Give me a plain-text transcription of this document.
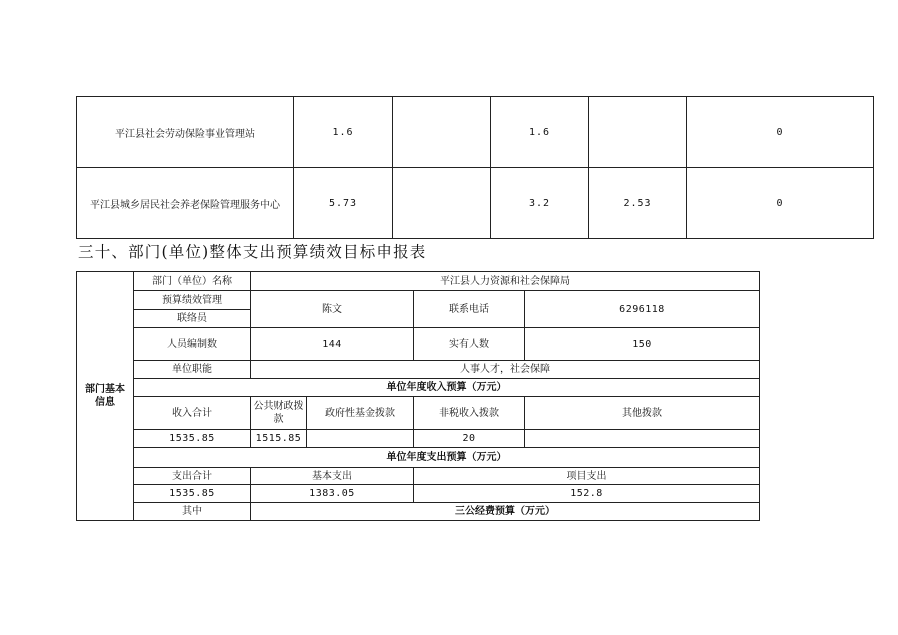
平江县社会劳动保险事业管理站	1.6		1.6		0
平江县城乡居民社会养老保险管理服务中心	5.73		3.2	2.53	0
三十、部门(单位)整体支出预算绩效目标申报表
部门基本信息	部门（单位）名称	平江县人力资源和社会保障局			
	预算绩效管理	陈文		联系电话	6296118
	联络员				
	人员编制数	144		实有人数	150
	单位职能	人事人才，社会保障			
	单位年度收入预算（万元）				
	收入合计	公共财政拨款	政府性基金拨款	非税收入拨款	其他拨款
	1535.85	1515.85		20	
	单位年度支出预算（万元）				
	支出合计	基本支出		项目支出	
	1535.85	1383.05		152.8	
	其中	三公经费预算（万元）			
